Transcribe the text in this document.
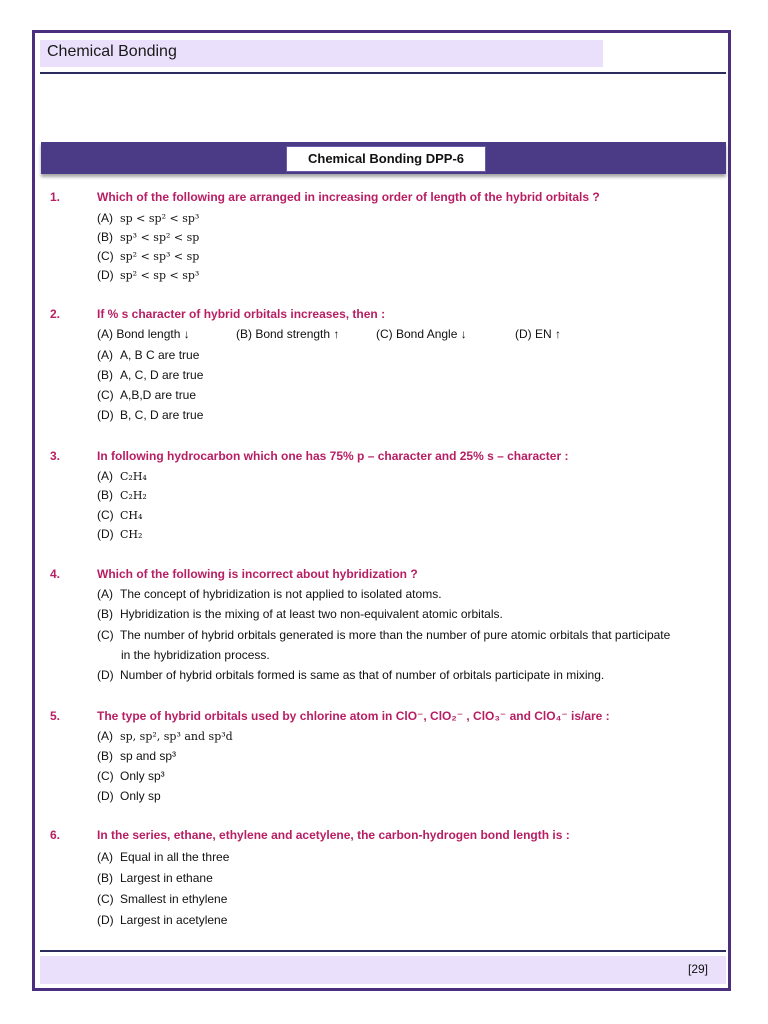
Chemical Bonding
Chemical Bonding DPP-6
1.	Which of the following are arranged in increasing order of length of the hybrid orbitals ?
(A) sp < sp² < sp³
(B) sp³ < sp² < sp
(C) sp² < sp³ < sp
(D) sp² < sp < sp³
2.	If % s character of hybrid orbitals increases, then :
(A) Bond length ↓	(B) Bond strength ↑	(C) Bond Angle ↓	(D) EN ↑
(A) A, B C are true
(B) A, C, D are true
(C) A,B,D are true
(D) B, C, D are true
3.	In following hydrocarbon which one has 75% p – character and 25% s – character :
(A) C₂H₄
(B) C₂H₂
(C) CH₄
(D) CH₂
4.	Which of the following is incorrect about hybridization ?
(A) The concept of hybridization is not applied to isolated atoms.
(B) Hybridization is the mixing of at least two non-equivalent atomic orbitals.
(C) The number of hybrid orbitals generated is more than the number of pure atomic orbitals that participate
in the hybridization process.
(D) Number of hybrid orbitals formed is same as that of number of orbitals participate in mixing.
5.	The type of hybrid orbitals used by chlorine atom in ClO⁻, ClO₂⁻ , ClO₃⁻ and ClO₄⁻ is/are :
(A) sp, sp², sp³ and sp³d
(B) sp and sp³
(C) Only sp³
(D) Only sp
6.	In the series, ethane, ethylene and acetylene, the carbon-hydrogen bond length is :
(A) Equal in all the three
(B) Largest in ethane
(C) Smallest in ethylene
(D) Largest in acetylene
[29]
